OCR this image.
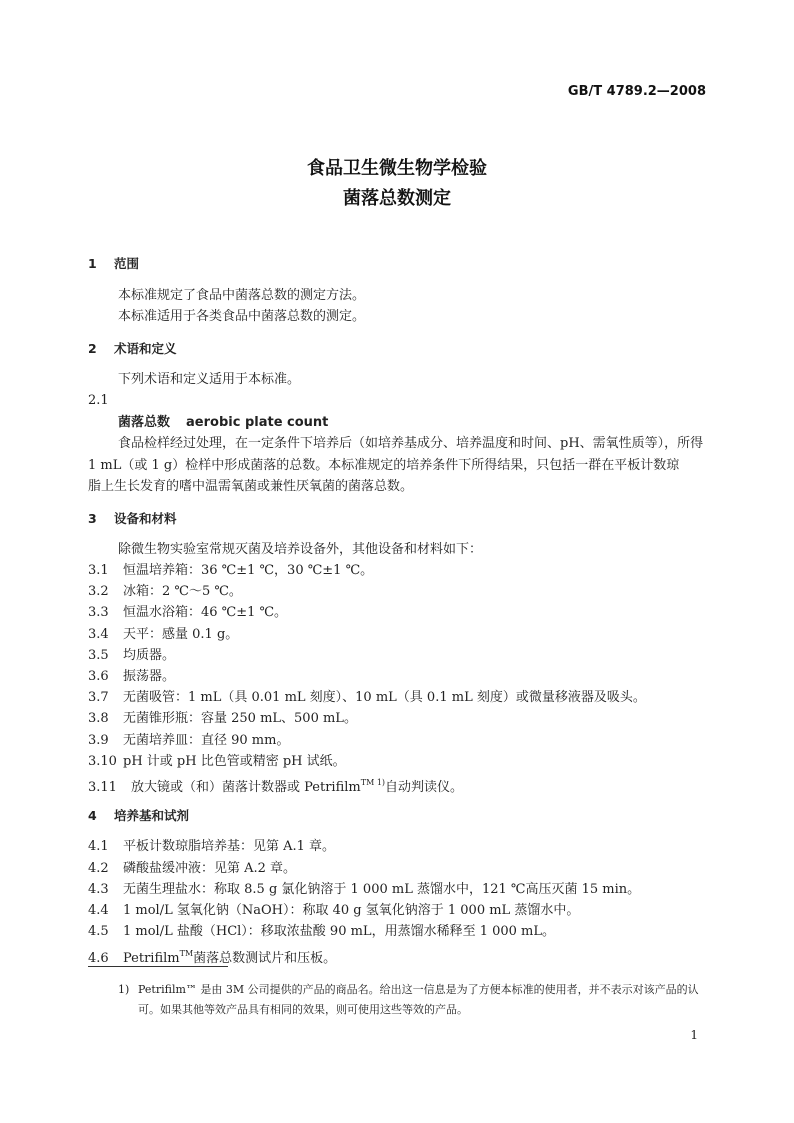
GB/T 4789.2—2008
食品卫生微生物学检验
菌落总数测定
1 范围
本标准规定了食品中菌落总数的测定方法。
本标准适用于各类食品中菌落总数的测定。
2 术语和定义
下列术语和定义适用于本标准。
2.1
菌落总数 aerobic plate count
食品检样经过处理，在一定条件下培养后（如培养基成分、培养温度和时间、pH、需氧性质等），所得
1 mL（或 1 g）检样中形成菌落的总数。本标准规定的培养条件下所得结果，只包括一群在平板计数琼
脂上生长发育的嗜中温需氧菌或兼性厌氧菌的菌落总数。
3 设备和材料
除微生物实验室常规灭菌及培养设备外，其他设备和材料如下：
3.1 恒温培养箱：36 ℃±1 ℃，30 ℃±1 ℃。
3.2 冰箱：2 ℃～5 ℃。
3.3 恒温水浴箱：46 ℃±1 ℃。
3.4 天平：感量 0.1 g。
3.5 均质器。
3.6 振荡器。
3.7 无菌吸管：1 mL（具 0.01 mL 刻度）、10 mL（具 0.1 mL 刻度）或微量移液器及吸头。
3.8 无菌锥形瓶：容量 250 mL、500 mL。
3.9 无菌培养皿：直径 90 mm。
3.10 pH 计或 pH 比色管或精密 pH 试纸。
3.11 放大镜或（和）菌落计数器或 Petrifilm$^{TM 1)}$自动判读仪。
4 培养基和试剂
4.1 平板计数琼脂培养基：见第 A.1 章。
4.2 磷酸盐缓冲液：见第 A.2 章。
4.3 无菌生理盐水：称取 8.5 g 氯化钠溶于 1 000 mL 蒸馏水中，121 ℃高压灭菌 15 min。
4.4 1 mol/L 氢氧化钠（NaOH）：称取 40 g 氢氧化钠溶于 1 000 mL 蒸馏水中。
4.5 1 mol/L 盐酸（HCl）：移取浓盐酸 90 mL，用蒸馏水稀释至 1 000 mL。
4.6 Petrifilm™菌落总数测试片和压板。
1) Petrifilm™ 是由 3M 公司提供的产品的商品名。给出这一信息是为了方便本标准的使用者，并不表示对该产品的认可。如果其他等效产品具有相同的效果，则可使用这些等效的产品。
1
